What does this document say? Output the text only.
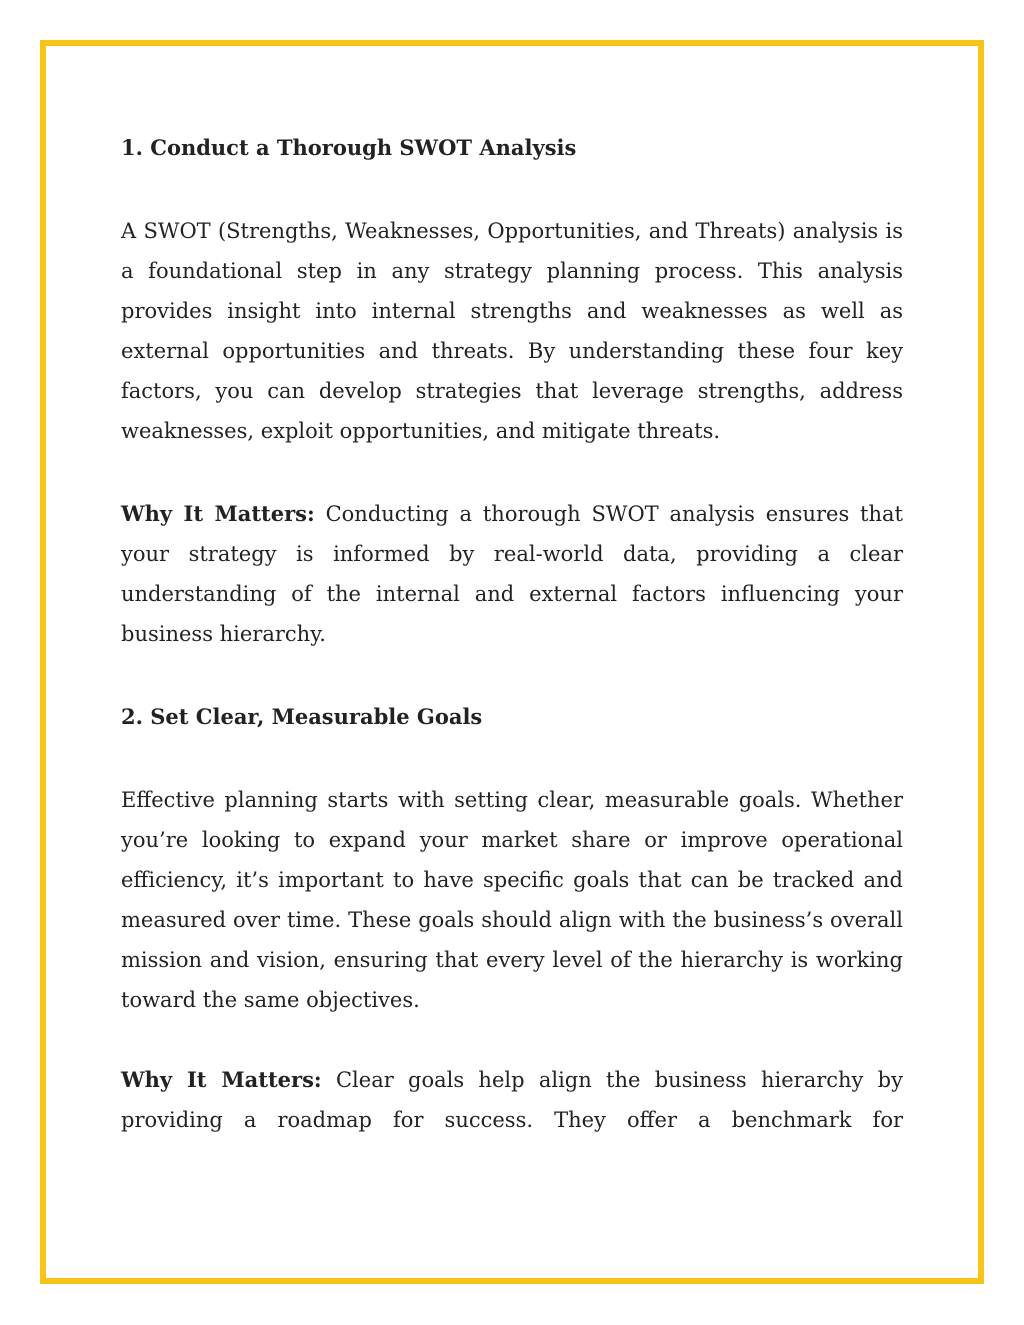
1. Conduct a Thorough SWOT Analysis

A SWOT (Strengths, Weaknesses, Opportunities, and Threats) analysis is a foundational step in any strategy planning process. This analysis provides insight into internal strengths and weaknesses as well as external opportunities and threats. By understanding these four key factors, you can develop strategies that leverage strengths, address weaknesses, exploit opportunities, and mitigate threats.

Why It Matters: Conducting a thorough SWOT analysis ensures that your strategy is informed by real-world data, providing a clear understanding of the internal and external factors influencing your business hierarchy.

2. Set Clear, Measurable Goals

Effective planning starts with setting clear, measurable goals. Whether you’re looking to expand your market share or improve operational efficiency, it’s important to have specific goals that can be tracked and measured over time. These goals should align with the business’s overall mission and vision, ensuring that every level of the hierarchy is working toward the same objectives.

Why It Matters: Clear goals help align the business hierarchy by providing a roadmap for success. They offer a benchmark for
